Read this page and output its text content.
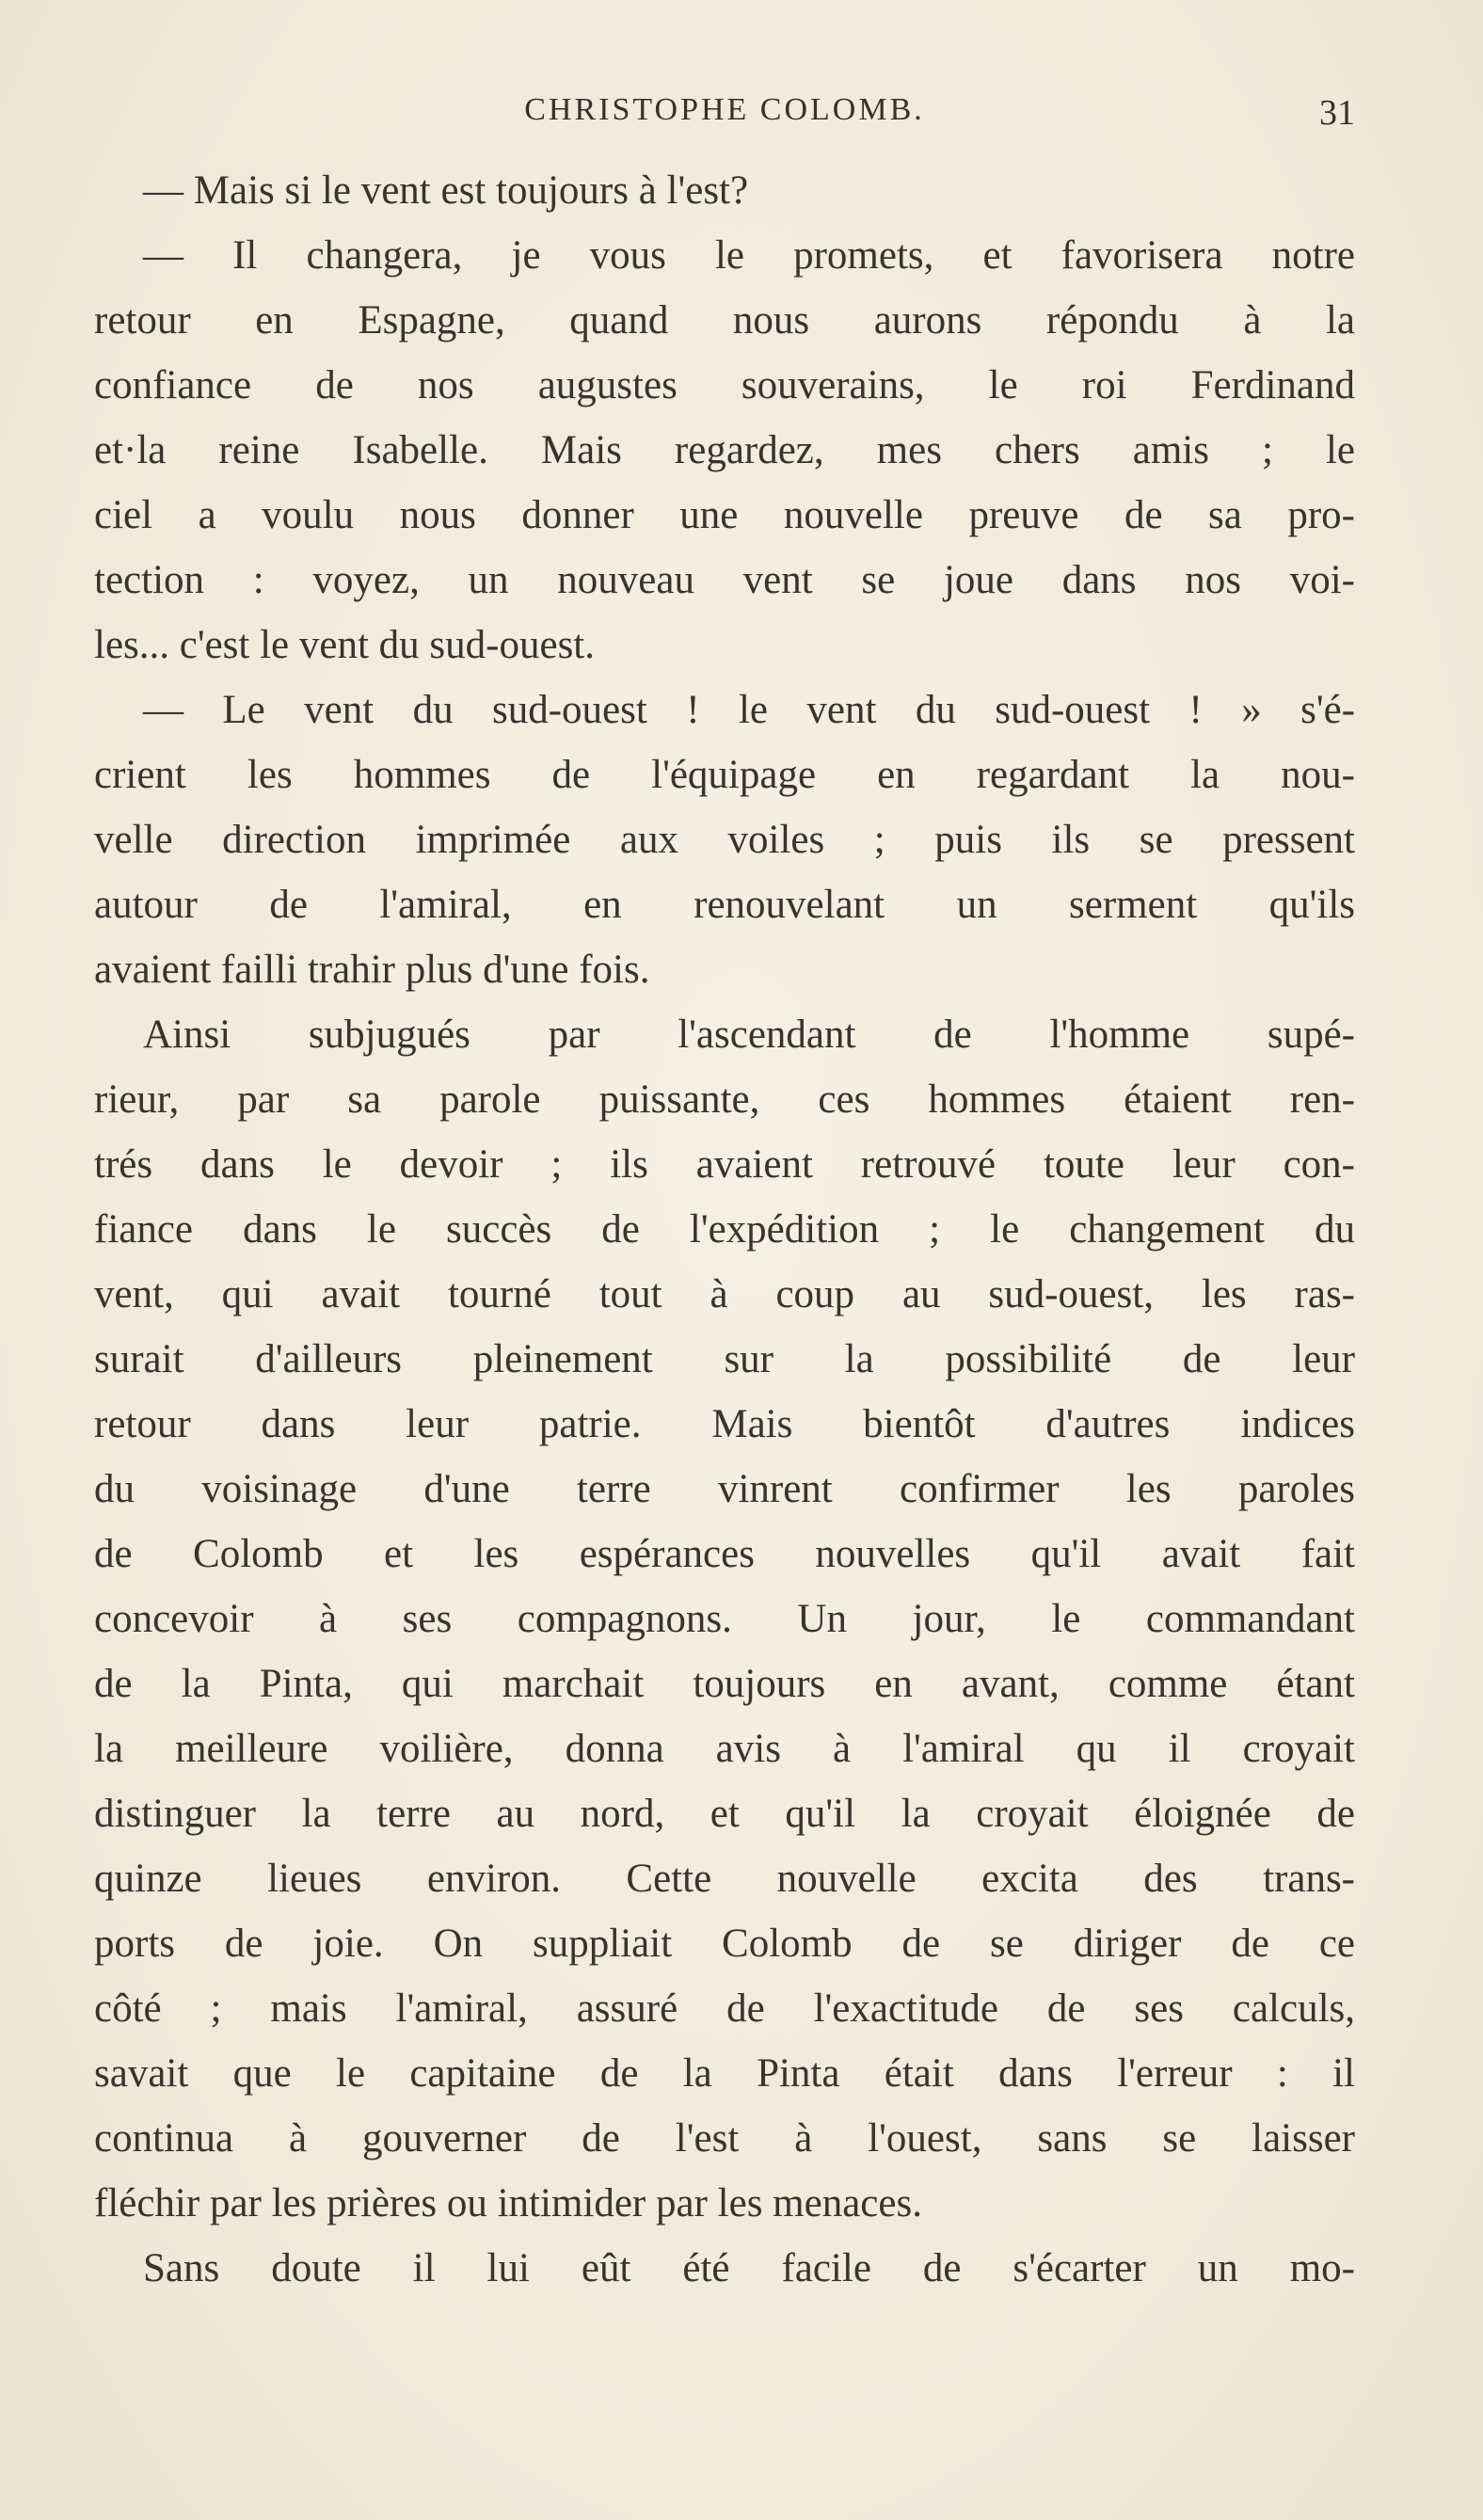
CHRISTOPHE COLOMB.	31
— Mais si le vent est toujours à l'est?
— Il changera, je vous le promets, et favorisera notre
retour en Espagne, quand nous aurons répondu à la
confiance de nos augustes souverains, le roi Ferdinand
et·la reine Isabelle. Mais regardez, mes chers amis ; le
ciel a voulu nous donner une nouvelle preuve de sa pro-
tection : voyez, un nouveau vent se joue dans nos voi-
les... c'est le vent du sud-ouest.
— Le vent du sud-ouest ! le vent du sud-ouest ! » s'é-
crient les hommes de l'équipage en regardant la nou-
velle direction imprimée aux voiles ; puis ils se pressent
autour de l'amiral, en renouvelant un serment qu'ils
avaient failli trahir plus d'une fois.
Ainsi subjugués par l'ascendant de l'homme supé-
rieur, par sa parole puissante, ces hommes étaient ren-
trés dans le devoir ; ils avaient retrouvé toute leur con-
fiance dans le succès de l'expédition ; le changement du
vent, qui avait tourné tout à coup au sud-ouest, les ras-
surait d'ailleurs pleinement sur la possibilité de leur
retour dans leur patrie. Mais bientôt d'autres indices
du voisinage d'une terre vinrent confirmer les paroles
de Colomb et les espérances nouvelles qu'il avait fait
concevoir à ses compagnons. Un jour, le commandant
de la Pinta, qui marchait toujours en avant, comme étant
la meilleure voilière, donna avis à l'amiral qu il croyait
distinguer la terre au nord, et qu'il la croyait éloignée de
quinze lieues environ. Cette nouvelle excita des trans-
ports de joie. On suppliait Colomb de se diriger de ce
côté ; mais l'amiral, assuré de l'exactitude de ses calculs,
savait que le capitaine de la Pinta était dans l'erreur : il
continua à gouverner de l'est à l'ouest, sans se laisser
fléchir par les prières ou intimider par les menaces.
Sans doute il lui eût été facile de s'écarter un mo-
